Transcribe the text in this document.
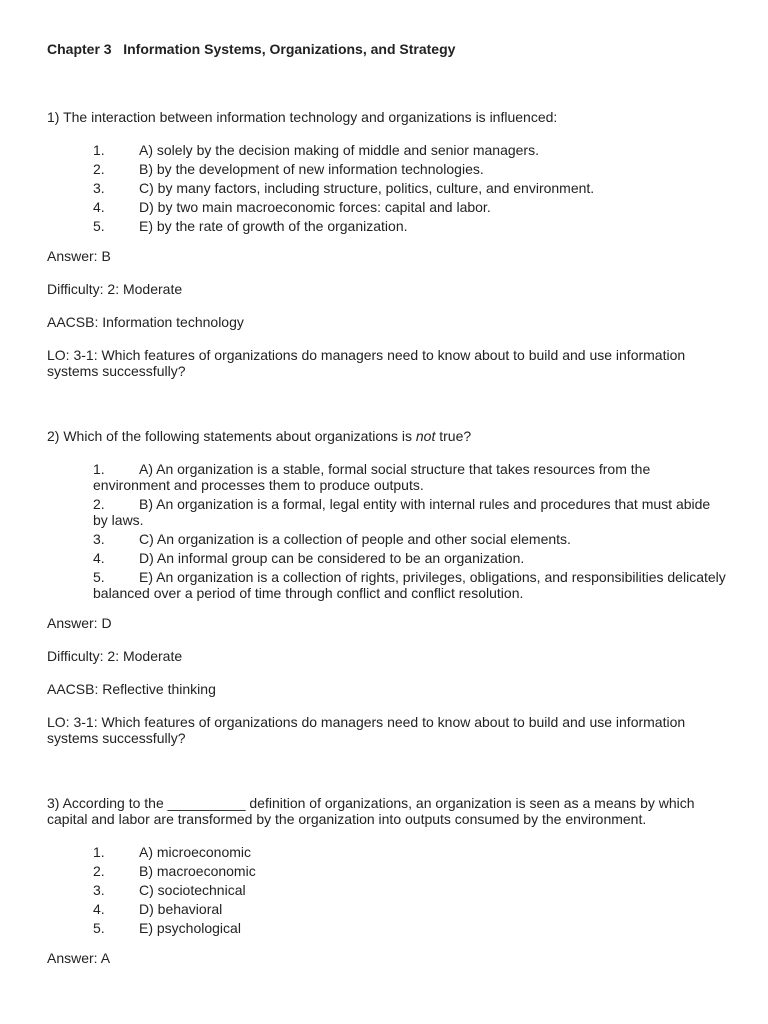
Chapter 3   Information Systems, Organizations, and Strategy

1) The interaction between information technology and organizations is influenced:

1.	A) solely by the decision making of middle and senior managers.
2.	B) by the development of new information technologies.
3.	C) by many factors, including structure, politics, culture, and environment.
4.	D) by two main macroeconomic forces: capital and labor.
5.	E) by the rate of growth of the organization.

Answer: B

Difficulty: 2: Moderate

AACSB: Information technology

LO: 3-1: Which features of organizations do managers need to know about to build and use information systems successfully?

2) Which of the following statements about organizations is not true?

1.	A) An organization is a stable, formal social structure that takes resources from the environment and processes them to produce outputs.
2.	B) An organization is a formal, legal entity with internal rules and procedures that must abide by laws.
3.	C) An organization is a collection of people and other social elements.
4.	D) An informal group can be considered to be an organization.
5.	E) An organization is a collection of rights, privileges, obligations, and responsibilities delicately balanced over a period of time through conflict and conflict resolution.

Answer: D

Difficulty: 2: Moderate

AACSB: Reflective thinking

LO: 3-1: Which features of organizations do managers need to know about to build and use information systems successfully?

3) According to the __________ definition of organizations, an organization is seen as a means by which capital and labor are transformed by the organization into outputs consumed by the environment.

1.	A) microeconomic
2.	B) macroeconomic
3.	C) sociotechnical
4.	D) behavioral
5.	E) psychological

Answer: A
